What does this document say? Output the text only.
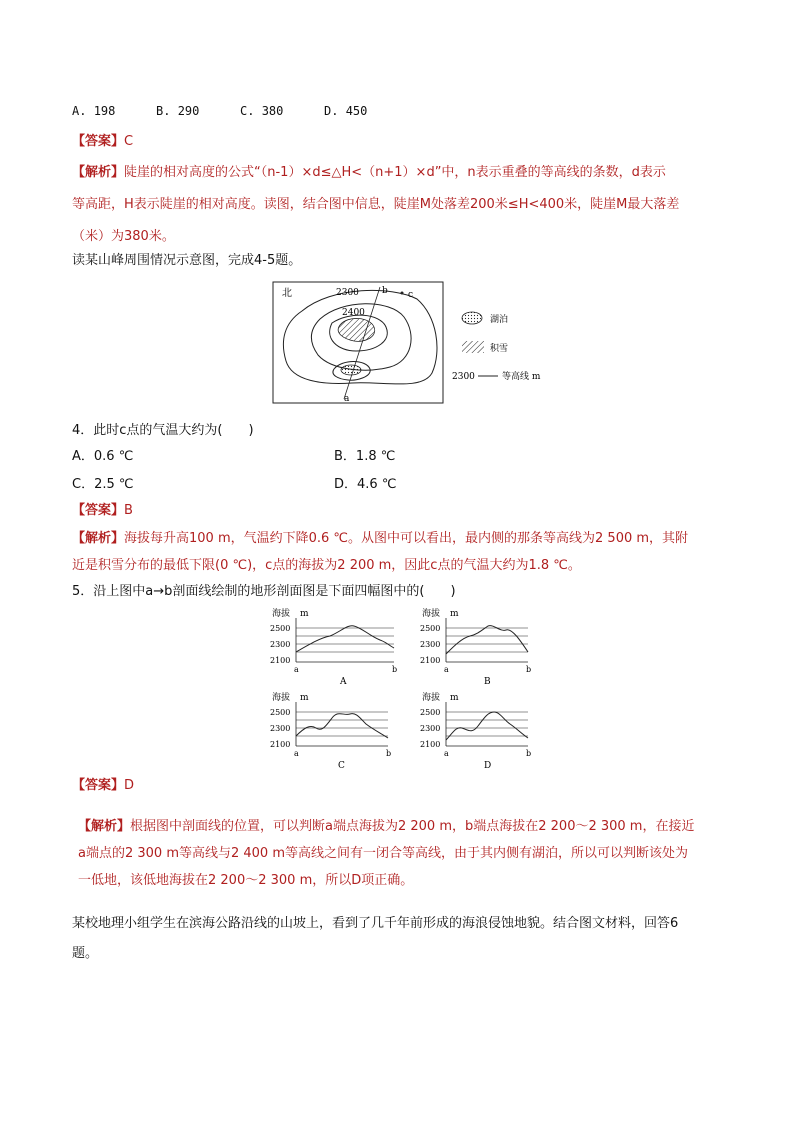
A. 198	B. 290	C. 380	D. 450
【答案】C
【解析】陡崖的相对高度的公式“（n-1）×d≤△H<（n+1）×d”中，n表示重叠的等高线的条数，d表示
等高距，H表示陡崖的相对高度。读图，结合图中信息，陡崖M处落差200米≤H<400米，陡崖M最大落差
（米）为380米。
读某山峰周围情况示意图，完成4-5题。
北	2300
2400
b c
a
湖泊
积雪
2300	等高线 m
4．此时c点的气温大约为(　　)
A．0.6 ℃	B．1.8 ℃
C．2.5 ℃	D．4.6 ℃
【答案】B
【解析】海拔每升高100 m，气温约下降0.6 ℃。从图中可以看出，最内侧的那条等高线为2 500 m，其附
近是积雪分布的最低下限(0 ℃)，c点的海拔为2 200 m，因此c点的气温大约为1.8 ℃。
5．沿上图中a→b剖面线绘制的地形剖面图是下面四幅图中的(　　)
海拔 m
2500
2300
2100
a	b
A
海拔 m
2500
2300
2100
a	b
B
海拔 m
2500
2300
2100
a	b
C
海拔 m
2500
2300
2100
a	b
D
【答案】D
【解析】根据图中剖面线的位置，可以判断a端点海拔为2 200 m，b端点海拔在2 200～2 300 m，在接近
a端点的2 300 m等高线与2 400 m等高线之间有一闭合等高线，由于其内侧有湖泊，所以可以判断该处为
一低地，该低地海拔在2 200～2 300 m，所以D项正确。
某校地理小组学生在滨海公路沿线的山坡上，看到了几千年前形成的海浪侵蚀地貌。结合图文材料，回答6
题。
